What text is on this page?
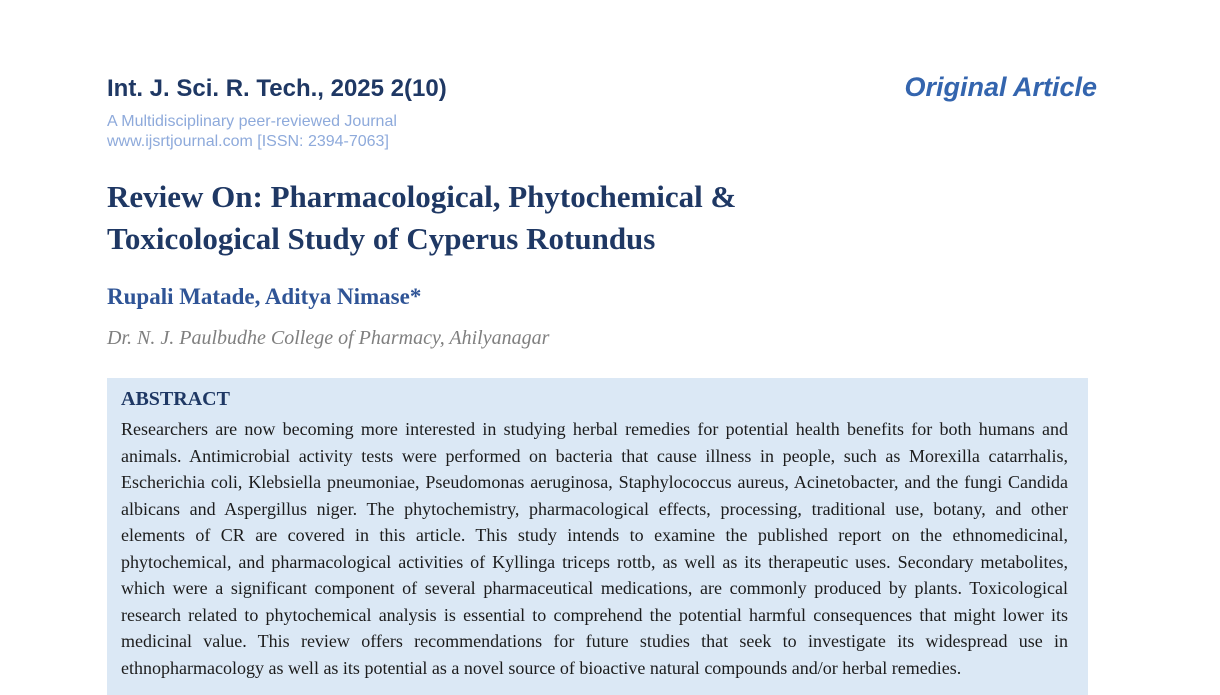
Int. J. Sci. R. Tech., 2025 2(10)
A Multidisciplinary peer-reviewed Journal
www.ijsrtjournal.com [ISSN: 2394-7063]
Original Article
Review On: Pharmacological, Phytochemical &
Toxicological Study of Cyperus Rotundus
Rupali Matade, Aditya Nimase*
Dr. N. J. Paulbudhe College of Pharmacy, Ahilyanagar
ABSTRACT

Researchers are now becoming more interested in studying herbal remedies for potential health benefits for both humans and animals. Antimicrobial activity tests were performed on bacteria that cause illness in people, such as Morexilla catarrhalis, Escherichia coli, Klebsiella pneumoniae, Pseudomonas aeruginosa, Staphylococcus aureus, Acinetobacter, and the fungi Candida albicans and Aspergillus niger. The phytochemistry, pharmacological effects, processing, traditional use, botany, and other elements of CR are covered in this article. This study intends to examine the published report on the ethnomedicinal, phytochemical, and pharmacological activities of Kyllinga triceps rottb, as well as its therapeutic uses. Secondary metabolites, which were a significant component of several pharmaceutical medications, are commonly produced by plants. Toxicological research related to phytochemical analysis is essential to comprehend the potential harmful consequences that might lower its medicinal value. This review offers recommendations for future studies that seek to investigate its widespread use in ethnopharmacology as well as its potential as a novel source of bioactive natural compounds and/or herbal remedies.
